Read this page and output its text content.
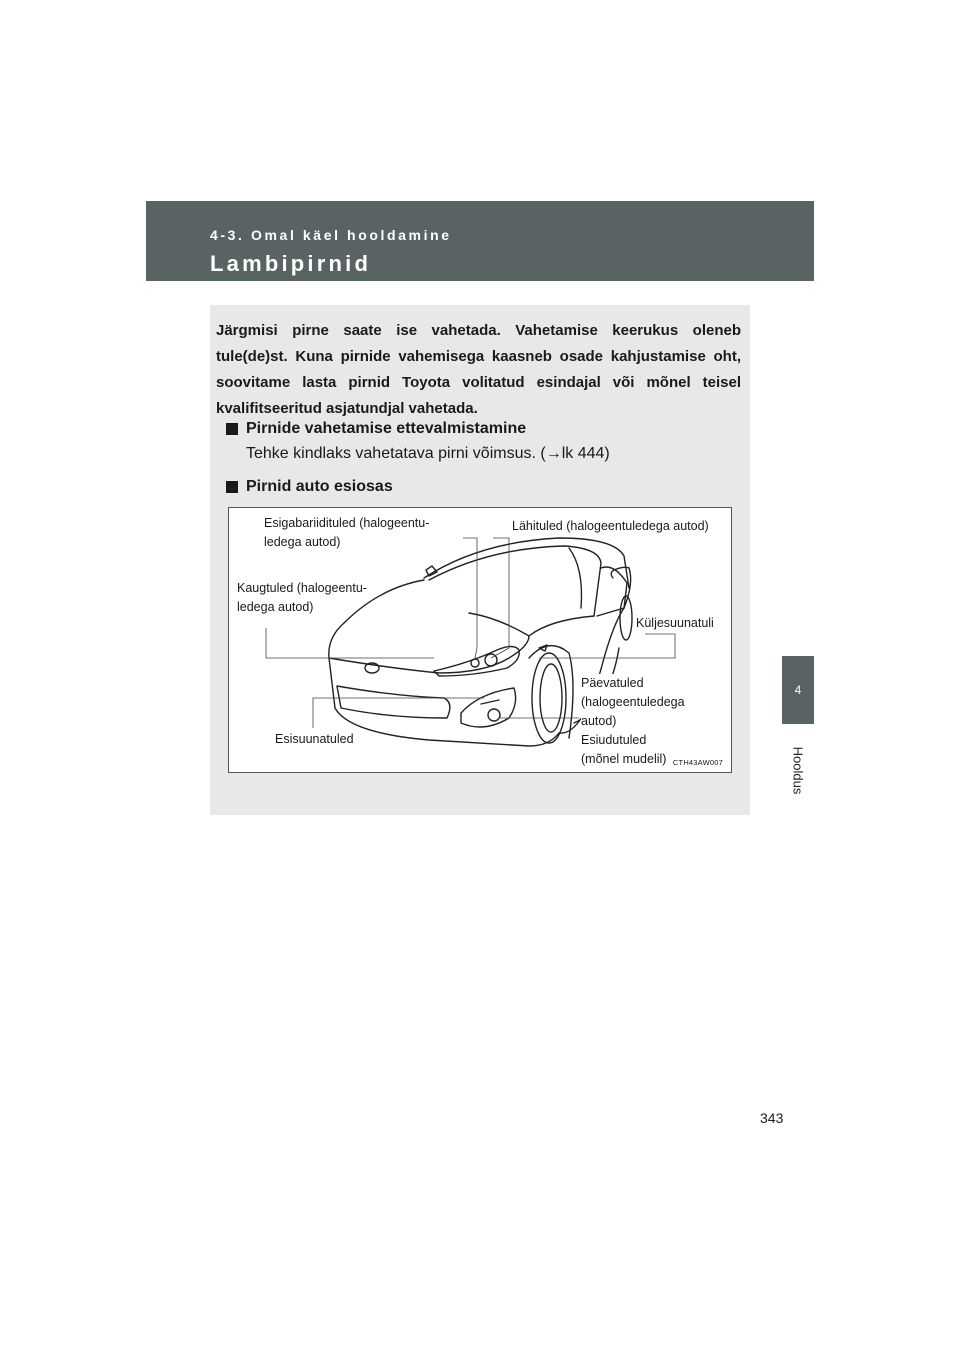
4-3. Omal käel hooldamine
Lambipirnid
4
Hooldus

Järgmisi pirne saate ise vahetada. Vahetamise keerukus oleneb tule(de)st. Kuna pirnide vahemisega kaasneb osade kahjustamise oht, soovitame lasta pirnid Toyota volitatud esindajal või mõnel teisel kvalifitseeritud asjatundjal vahetada.

Pirnide vahetamise ettevalmistamine
Tehke kindlaks vahetatava pirni võimsus. (→lk 444)
Pirnid auto esiosas
Esigabariidituled (halogeentu-
ledega autod)
Lähituled (halogeentuledega autod)
Kaugtuled (halogeentu-
ledega autod)
Küljesuunatuli
Päevatuled
(halogeentuledega
autod)
Esiudutuled
(mõnel mudelil)
Esisuunatuled
CTH43AW007
343
